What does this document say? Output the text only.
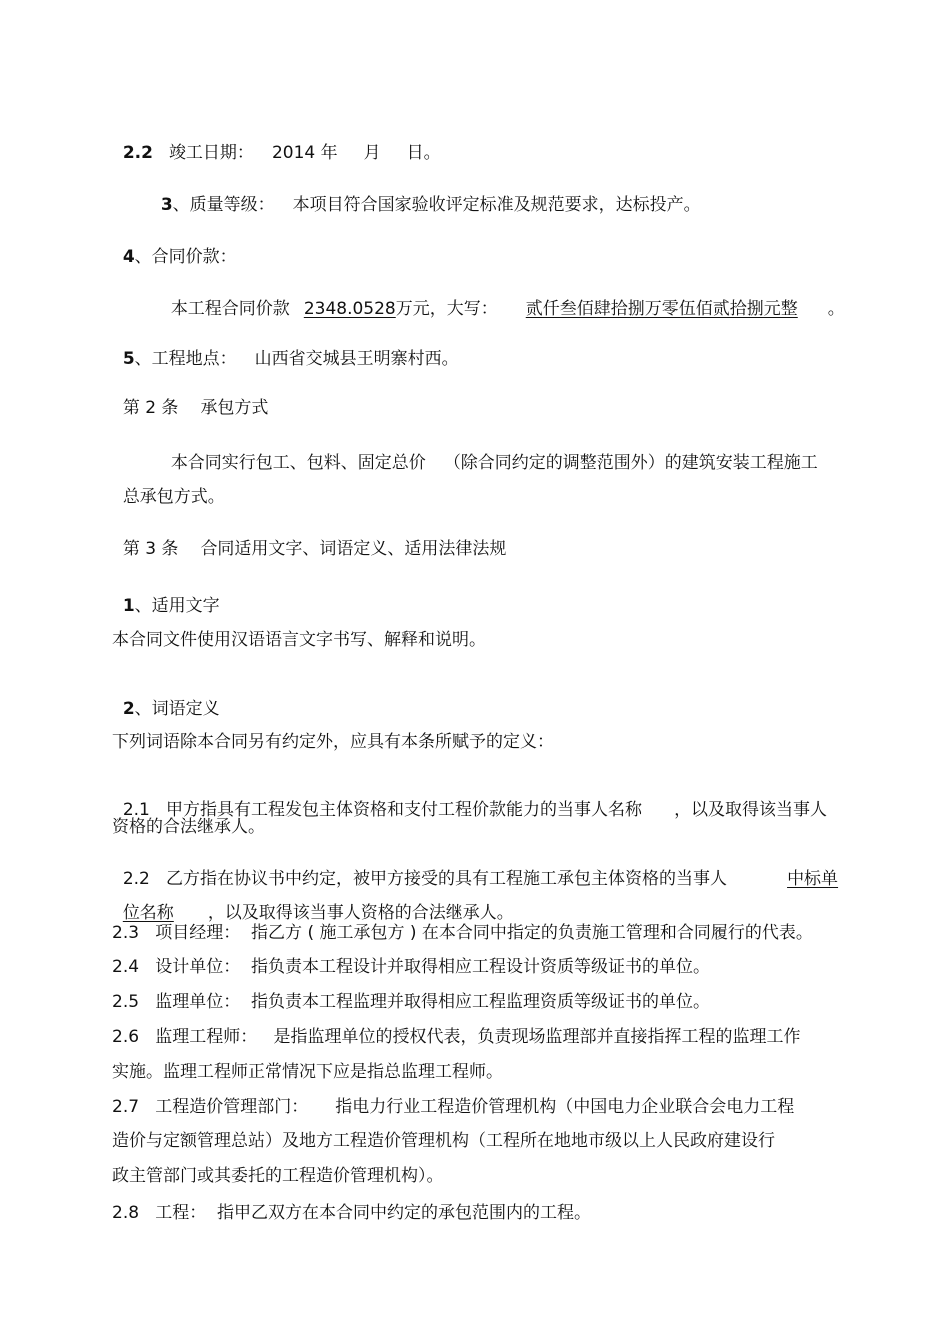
2.2 竣工日期： 2014 年 月 日。

3、质量等级： 本项目符合国家验收评定标准及规范要求，达标投产。

4、合同价款：

本工程合同价款 2348.0528万元，大写： 贰仟叁佰肆拾捌万零伍佰贰拾捌元整 。

5、工程地点： 山西省交城县王明寨村西。

第 2 条 承包方式

本合同实行包工、包料、固定总价 （除合同约定的调整范围外）的建筑安装工程施工

总承包方式。

第 3 条 合同适用文字、词语定义、适用法律法规

1、适用文字

本合同文件使用汉语语言文字书写、解释和说明。

2、词语定义

下列词语除本合同另有约定外，应具有本条所赋予的定义：

2.1   甲方指具有工程发包主体资格和支付工程价款能力的当事人名称 ，以及取得该当事人

资格的合法继承人。

2.2   乙方指在协议书中约定，被甲方接受的具有工程施工承包主体资格的当事人	中标单

位名称 ，以及取得该当事人资格的合法继承人。

2.3   项目经理：  指乙方 ( 施工承包方 ) 在本合同中指定的负责施工管理和合同履行的代表。
2.4   设计单位：  指负责本工程设计并取得相应工程设计资质等级证书的单位。
2.5   监理单位：  指负责本工程监理并取得相应工程监理资质等级证书的单位。
2.6   监理工程师：   是指监理单位的授权代表，负责现场监理部并直接指挥工程的监理工作
实施。监理工程师正常情况下应是指总监理工程师。
2.7   工程造价管理部门：     指电力行业工程造价管理机构（中国电力企业联合会电力工程
造价与定额管理总站）及地方工程造价管理机构（工程所在地地市级以上人民政府建设行
政主管部门或其委托的工程造价管理机构）。
2.8   工程：  指甲乙双方在本合同中约定的承包范围内的工程。
